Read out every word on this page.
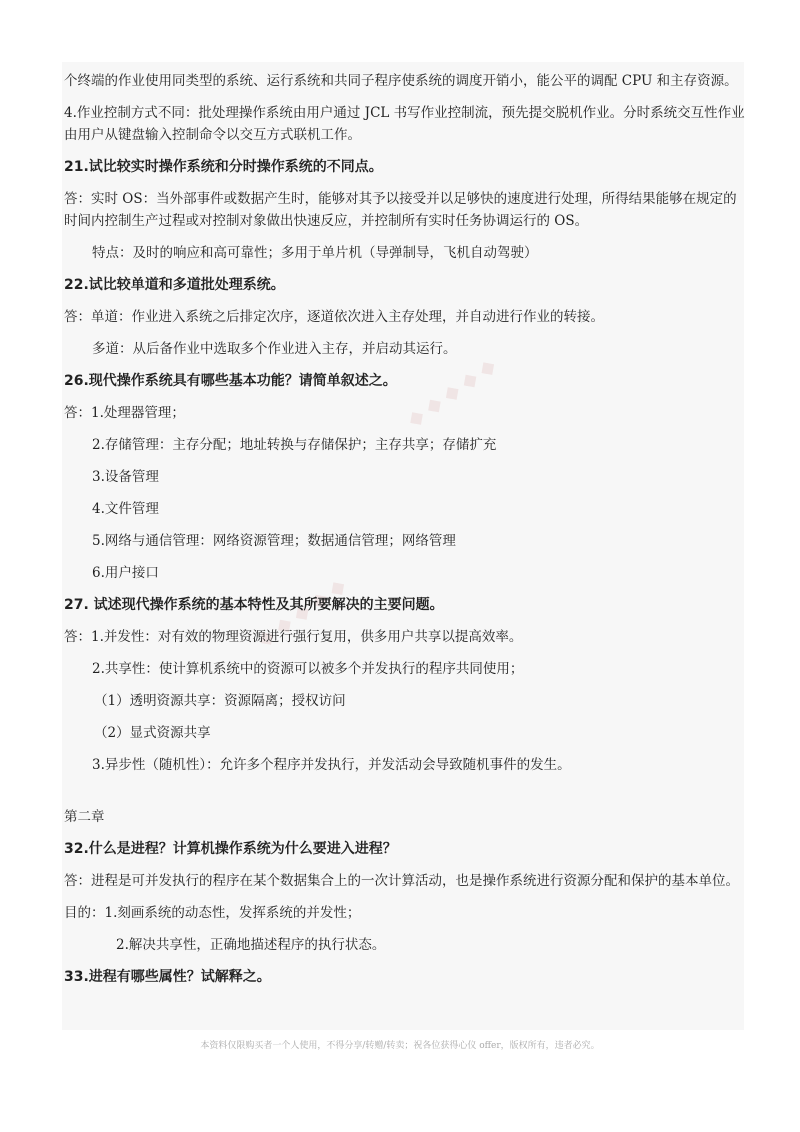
◆ ◆ ◆ ◆ ◆
◆ ◆ ◆ ◆ ◆

个终端的作业使用同类型的系统、运行系统和共同子程序使系统的调度开销小，能公平的调配 CPU 和主存资源。

4.作业控制方式不同：批处理操作系统由用户通过 JCL 书写作业控制流，预先提交脱机作业。分时系统交互性作业由用户从键盘输入控制命令以交互方式联机工作。

21.试比较实时操作系统和分时操作系统的不同点。

答：实时 OS：当外部事件或数据产生时，能够对其予以接受并以足够快的速度进行处理，所得结果能够在规定的时间内控制生产过程或对控制对象做出快速反应，并控制所有实时任务协调运行的 OS。

特点：及时的响应和高可靠性；多用于单片机（导弹制导，飞机自动驾驶）

22.试比较单道和多道批处理系统。

答：单道：作业进入系统之后排定次序，逐道依次进入主存处理，并自动进行作业的转接。

多道：从后备作业中选取多个作业进入主存，并启动其运行。

26.现代操作系统具有哪些基本功能？请简单叙述之。

答：1.处理器管理；

2.存储管理：主存分配；地址转换与存储保护；主存共享；存储扩充

3.设备管理

4.文件管理

5.网络与通信管理：网络资源管理；数据通信管理；网络管理

6.用户接口

27. 试述现代操作系统的基本特性及其所要解决的主要问题。

答：1.并发性：对有效的物理资源进行强行复用，供多用户共享以提高效率。

2.共享性：使计算机系统中的资源可以被多个并发执行的程序共同使用；

（1）透明资源共享：资源隔离；授权访问

（2）显式资源共享

3.异步性（随机性）：允许多个程序并发执行，并发活动会导致随机事件的发生。

第二章

32.什么是进程？计算机操作系统为什么要进入进程？

答：进程是可并发执行的程序在某个数据集合上的一次计算活动，也是操作系统进行资源分配和保护的基本单位。

目的：1.刻画系统的动态性，发挥系统的并发性；

2.解决共享性，正确地描述程序的执行状态。

33.进程有哪些属性？试解释之。

本资料仅限购买者一个人使用，不得分享/转赠/转卖；祝各位获得心仪 offer，版权所有，违者必究。
